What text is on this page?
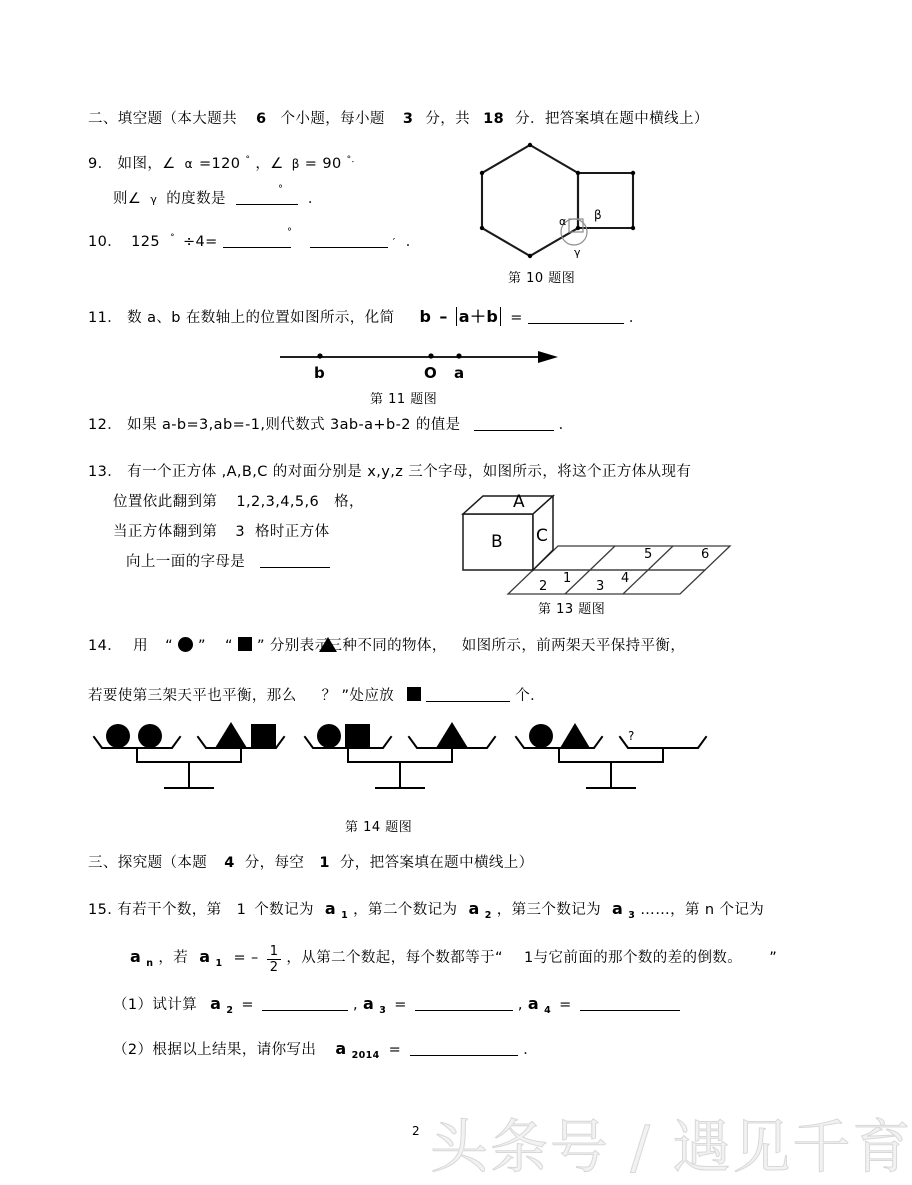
二、填空题（本大题共 6 个小题，每小题 3 分，共 18 分．把答案填在题中横线上）
9． 如图，∠ α =120 ° ，∠ β = 90 °．
则∠ γ 的度数是	．
°
10． 125 ° ÷4=	′ ．
°
α β
γ
第 10 题图
11． 数 a、b 在数轴上的位置如图所示，化简 b – a＋b =	．
b	O a
第 11 题图
12． 如果 a-b=3,ab=-1,则代数式 3ab-a+b-2 的值是	．
13． 有一个正方体 ,A,B,C 的对面分别是 x,y,z 三个字母，如图所示，将这个正方体从现有
位置依此翻到第 1,2,3,4,5,6 格，
当正方体翻到第 3 格时正方体
向上一面的字母是
A
B C
1
2	3
4
5	6
第 13 题图
14． 用 “ ” “ ” 分别表示  三种不同的物体， 如图所示，前两架天平保持平衡，
若要使第三架天平也平衡，那么 ？ ”处应放	个．
?
第 14 题图
三、探究题（本题 4 分，每空 1 分，把答案填在题中横线上）
15. 有若干个数，第 1 个数记为 a $_1$ ，第二个数记为 a $_2$ ，第三个数记为 a $_3$ ……，第 n 个记为
a $_n$ ，若 a $_1$ = – $\frac{1}{2}$ ，从第二个数起，每个数都等于“ 1与它前面的那个数的差的倒数。 ”
（1）试计算 a $_2$ =	, a $_3$ =	, a $_4$ =
（2）根据以上结果，请你写出 a $_{2014}$ =	．
2 头条号 / 遇见千育
